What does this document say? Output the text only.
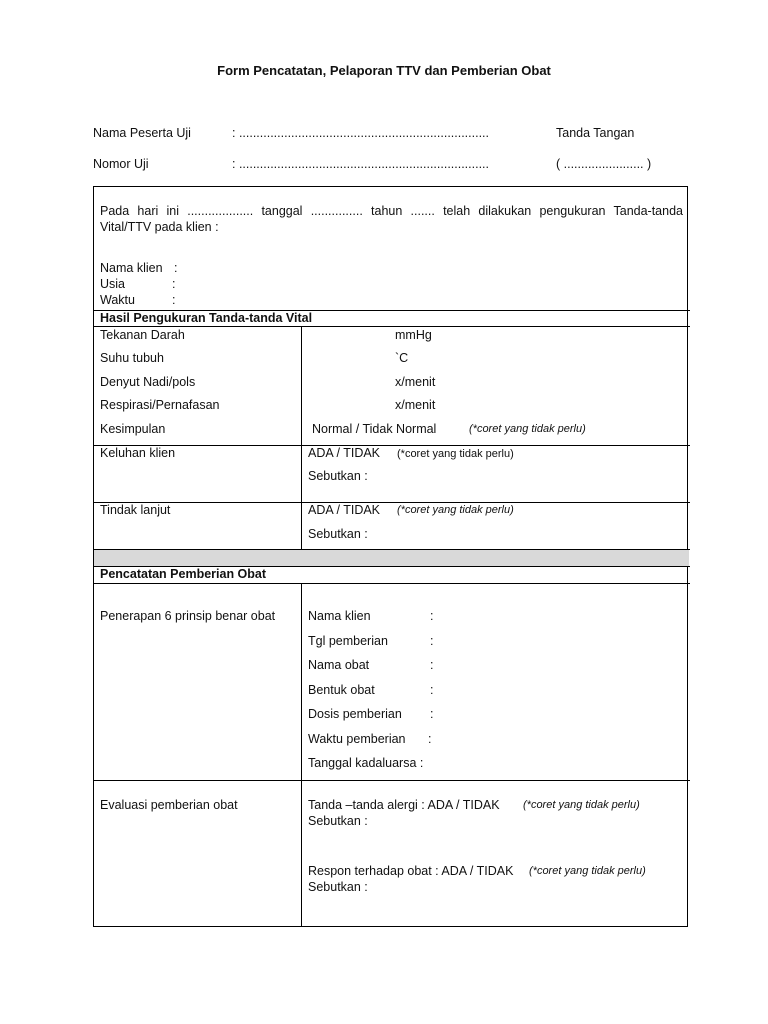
Form Pencatatan, Pelaporan TTV dan Pemberian Obat
Nama Peserta Uji	: ........................................................................	Tanda Tangan
Nomor Uji	: ........................................................................	( ....................... )
Pada hari ini ................... tanggal ............... tahun ....... telah dilakukan pengukuran Tanda-tanda
Vital/TTV pada klien :
Nama klien :
Usia	:
Waktu	:
Hasil Pengukuran Tanda-tanda Vital
Tekanan Darah	mmHg
Suhu tubuh	`C
Denyut Nadi/pols	x/menit
Respirasi/Pernafasan	x/menit
Kesimpulan	Normal / Tidak Normal	(*coret yang tidak perlu)
Keluhan klien	ADA / TIDAK (*coret yang tidak perlu)
Sebutkan :
Tindak lanjut	ADA / TIDAK (*coret yang tidak perlu)
Sebutkan :
Pencatatan Pemberian Obat
Penerapan 6 prinsip benar obat	Nama klien	:
Tgl pemberian	:
Nama obat	:
Bentuk obat	:
Dosis pemberian :
Waktu pemberian :
Tanggal kadaluarsa :
Evaluasi pemberian obat	Tanda –tanda alergi : ADA / TIDAK (*coret yang tidak perlu)
Sebutkan :
Respon terhadap obat : ADA / TIDAK (*coret yang tidak perlu)
Sebutkan :
